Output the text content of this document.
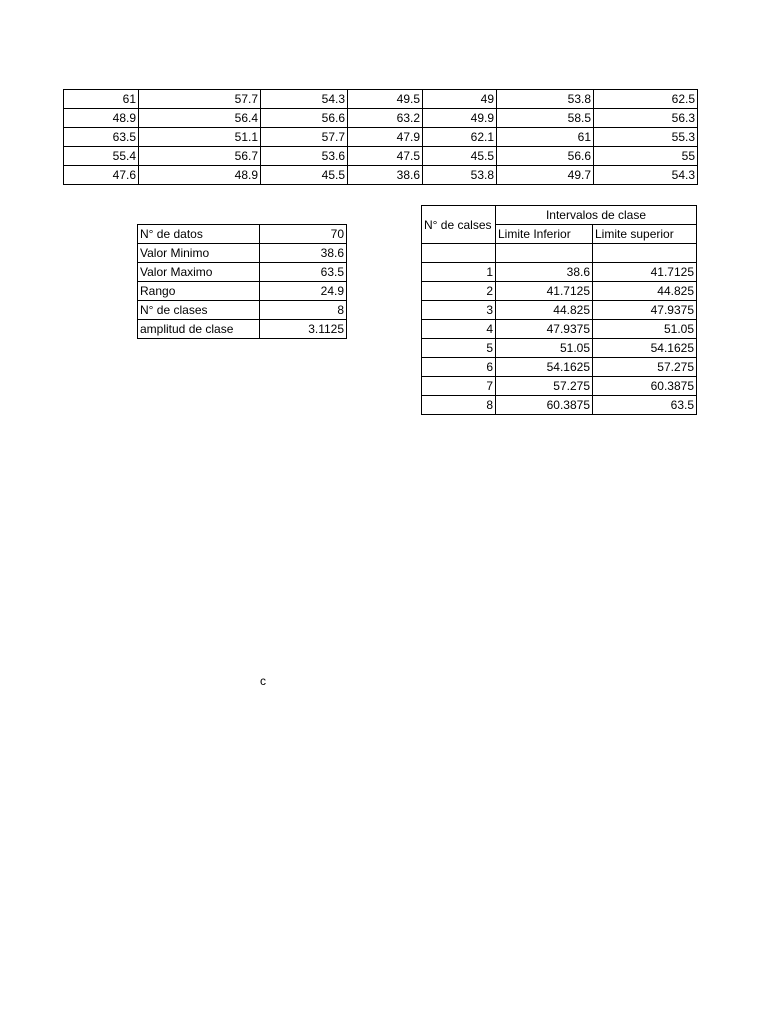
61	57.7	54.3	49.5	49	53.8	62.5
48.9	56.4	56.6	63.2	49.9	58.5	56.3
63.5	51.1	57.7	47.9	62.1	61	55.3
55.4	56.7	53.6	47.5	45.5	56.6	55
47.6	48.9	45.5	38.6	53.8	49.7	54.3
N° de datos	70
Valor Minimo	38.6
Valor Maximo	63.5
Rango	24.9
N° de clases	8
amplitud de clase	3.1125
N° de calses	Intervalos de clase	
	Limite Inferior	Limite superior

1	38.6	41.7125
2	41.7125	44.825
3	44.825	47.9375
4	47.9375	51.05
5	51.05	54.1625
6	54.1625	57.275
7	57.275	60.3875
8	60.3875	63.5
c
